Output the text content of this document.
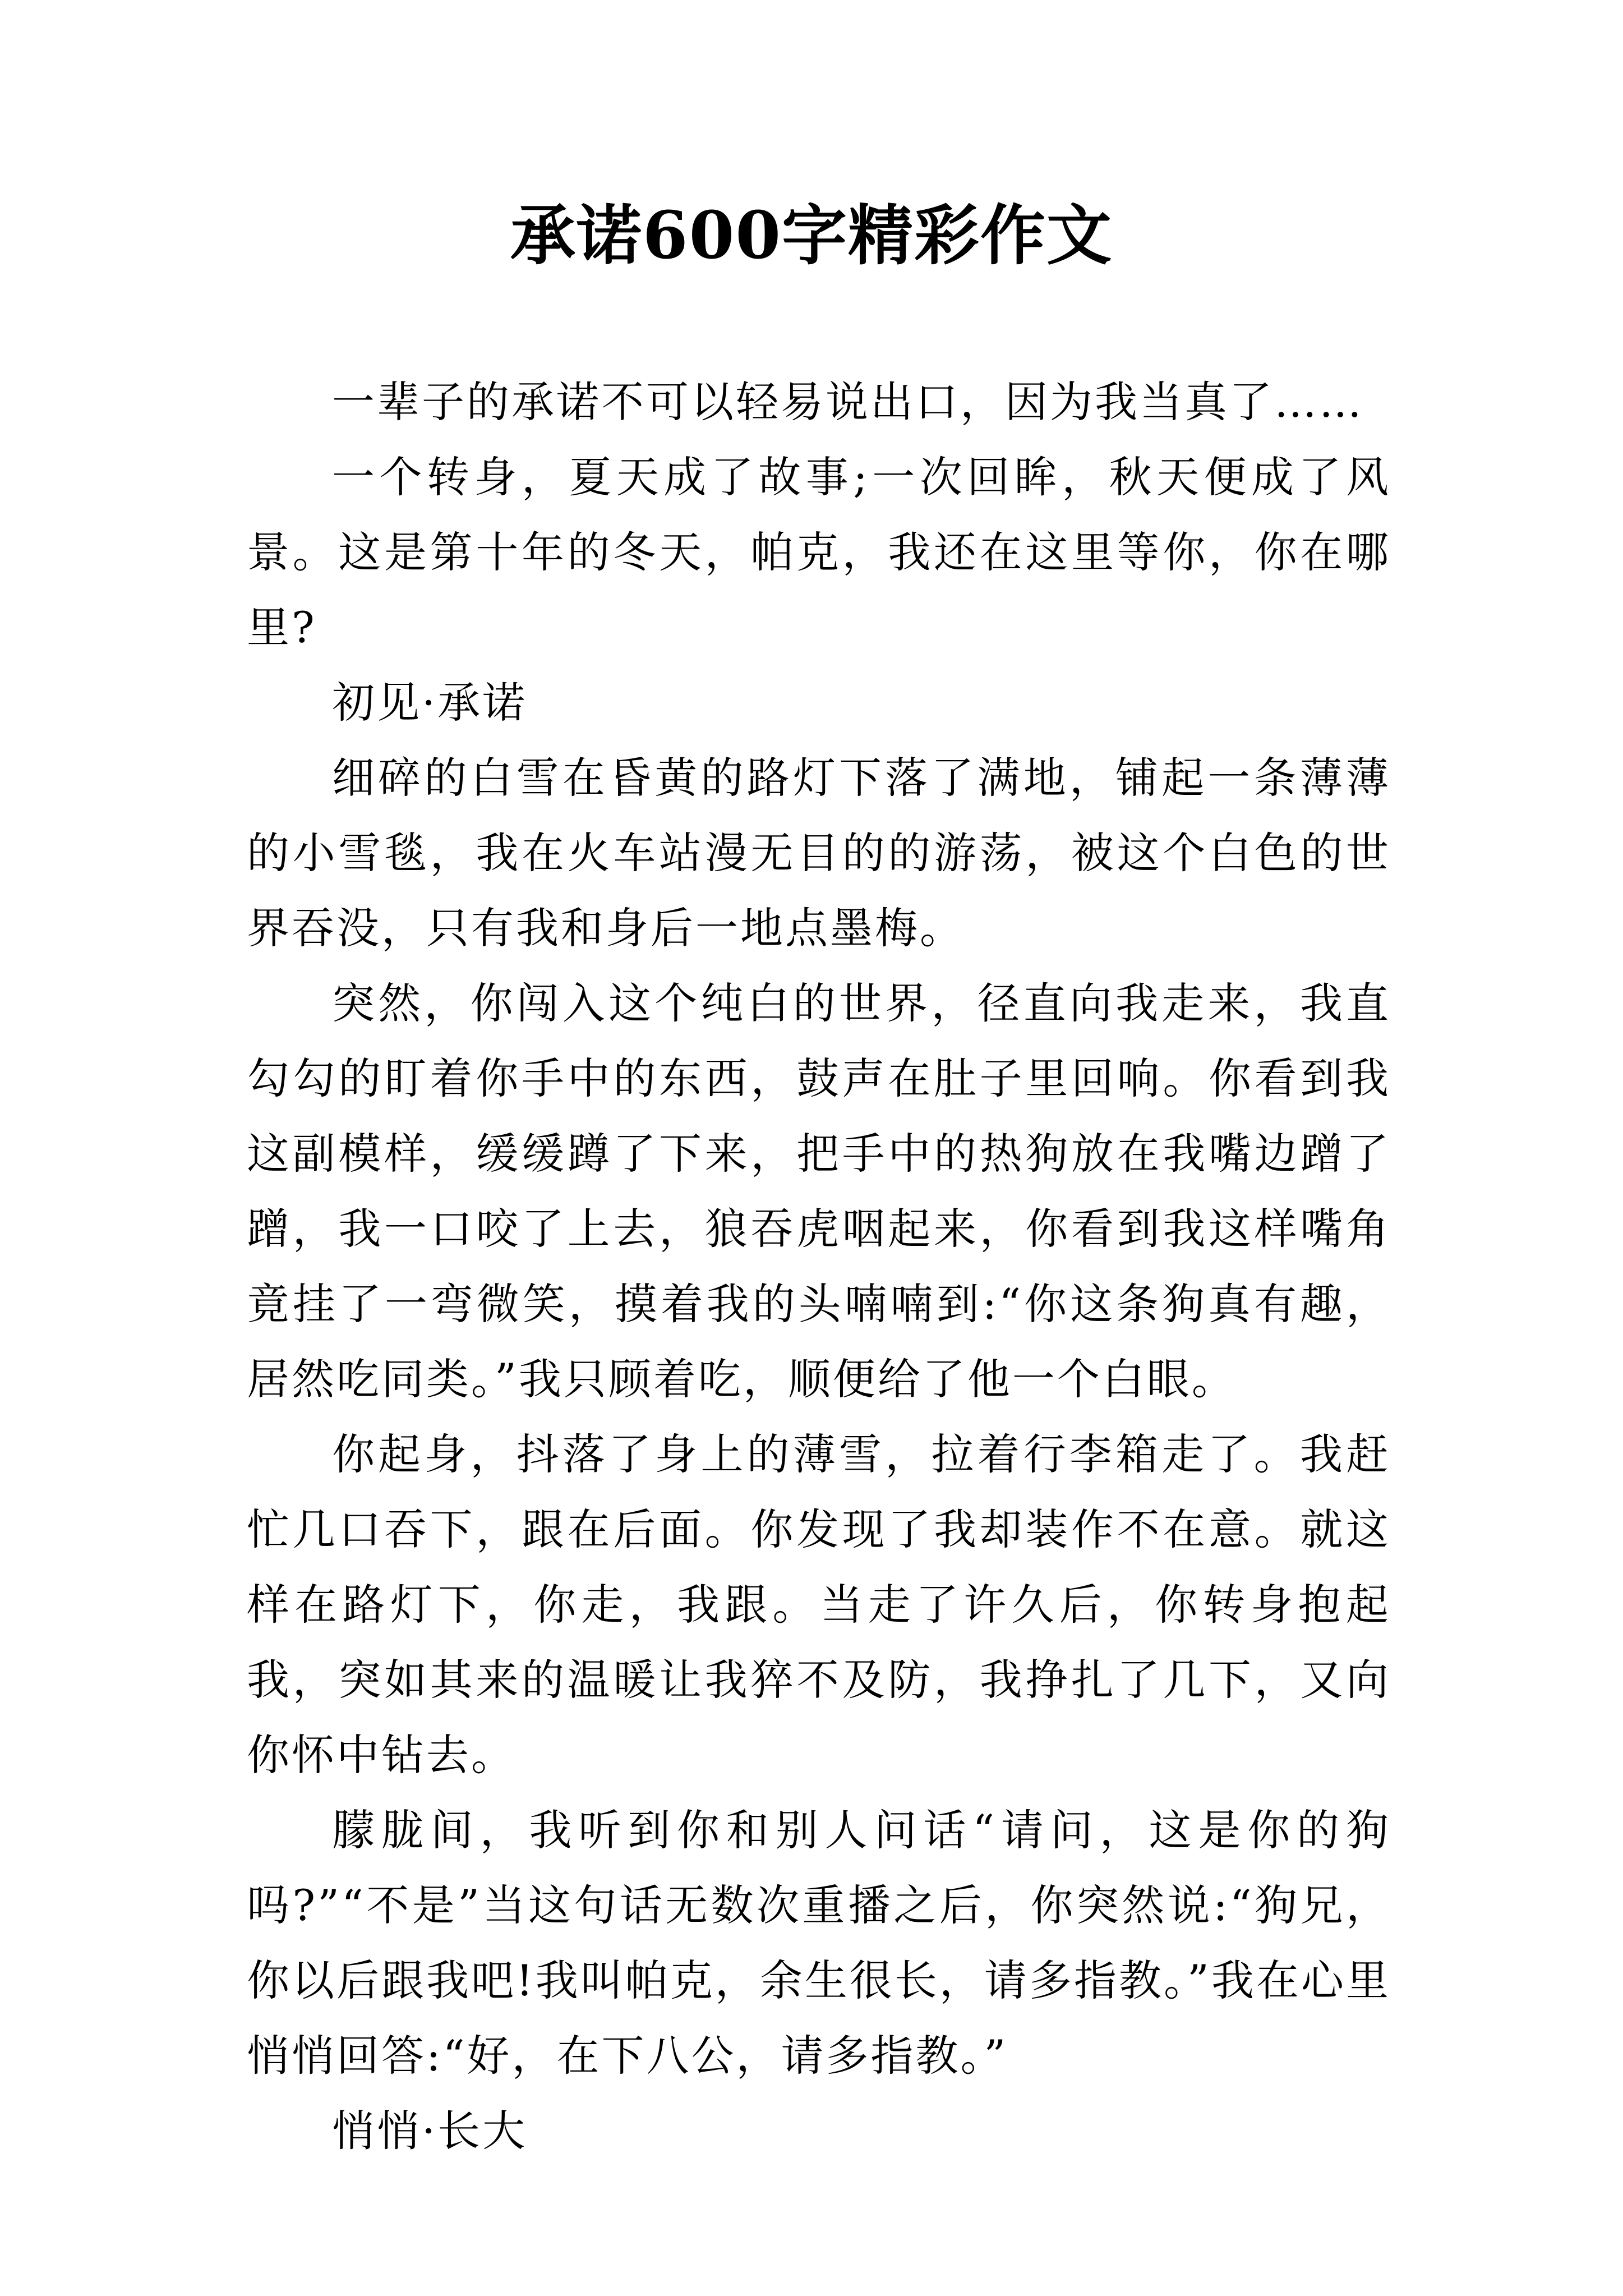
承诺600字精彩作文

一辈子的承诺不可以轻易说出口，因为我当真了……

一个转身，夏天成了故事;一次回眸，秋天便成了风景。这是第十年的冬天，帕克，我还在这里等你，你在哪里?

初见·承诺

细碎的白雪在昏黄的路灯下落了满地，铺起一条薄薄的小雪毯，我在火车站漫无目的的游荡，被这个白色的世界吞没，只有我和身后一地点墨梅。

突然，你闯入这个纯白的世界，径直向我走来，我直勾勾的盯着你手中的东西，鼓声在肚子里回响。你看到我这副模样，缓缓蹲了下来，把手中的热狗放在我嘴边蹭了蹭，我一口咬了上去，狼吞虎咽起来，你看到我这样嘴角竟挂了一弯微笑，摸着我的头喃喃到:“你这条狗真有趣，居然吃同类。”我只顾着吃，顺便给了他一个白眼。

你起身，抖落了身上的薄雪，拉着行李箱走了。我赶忙几口吞下，跟在后面。你发现了我却装作不在意。就这样在路灯下，你走，我跟。当走了许久后，你转身抱起我，突如其来的温暖让我猝不及防，我挣扎了几下，又向你怀中钻去。

朦胧间，我听到你和别人问话“请问，这是你的狗吗?”“不是”当这句话无数次重播之后，你突然说:“狗兄，你以后跟我吧!我叫帕克，余生很长，请多指教。”我在心里悄悄回答:“好，在下八公，请多指教。”

悄悄·长大
